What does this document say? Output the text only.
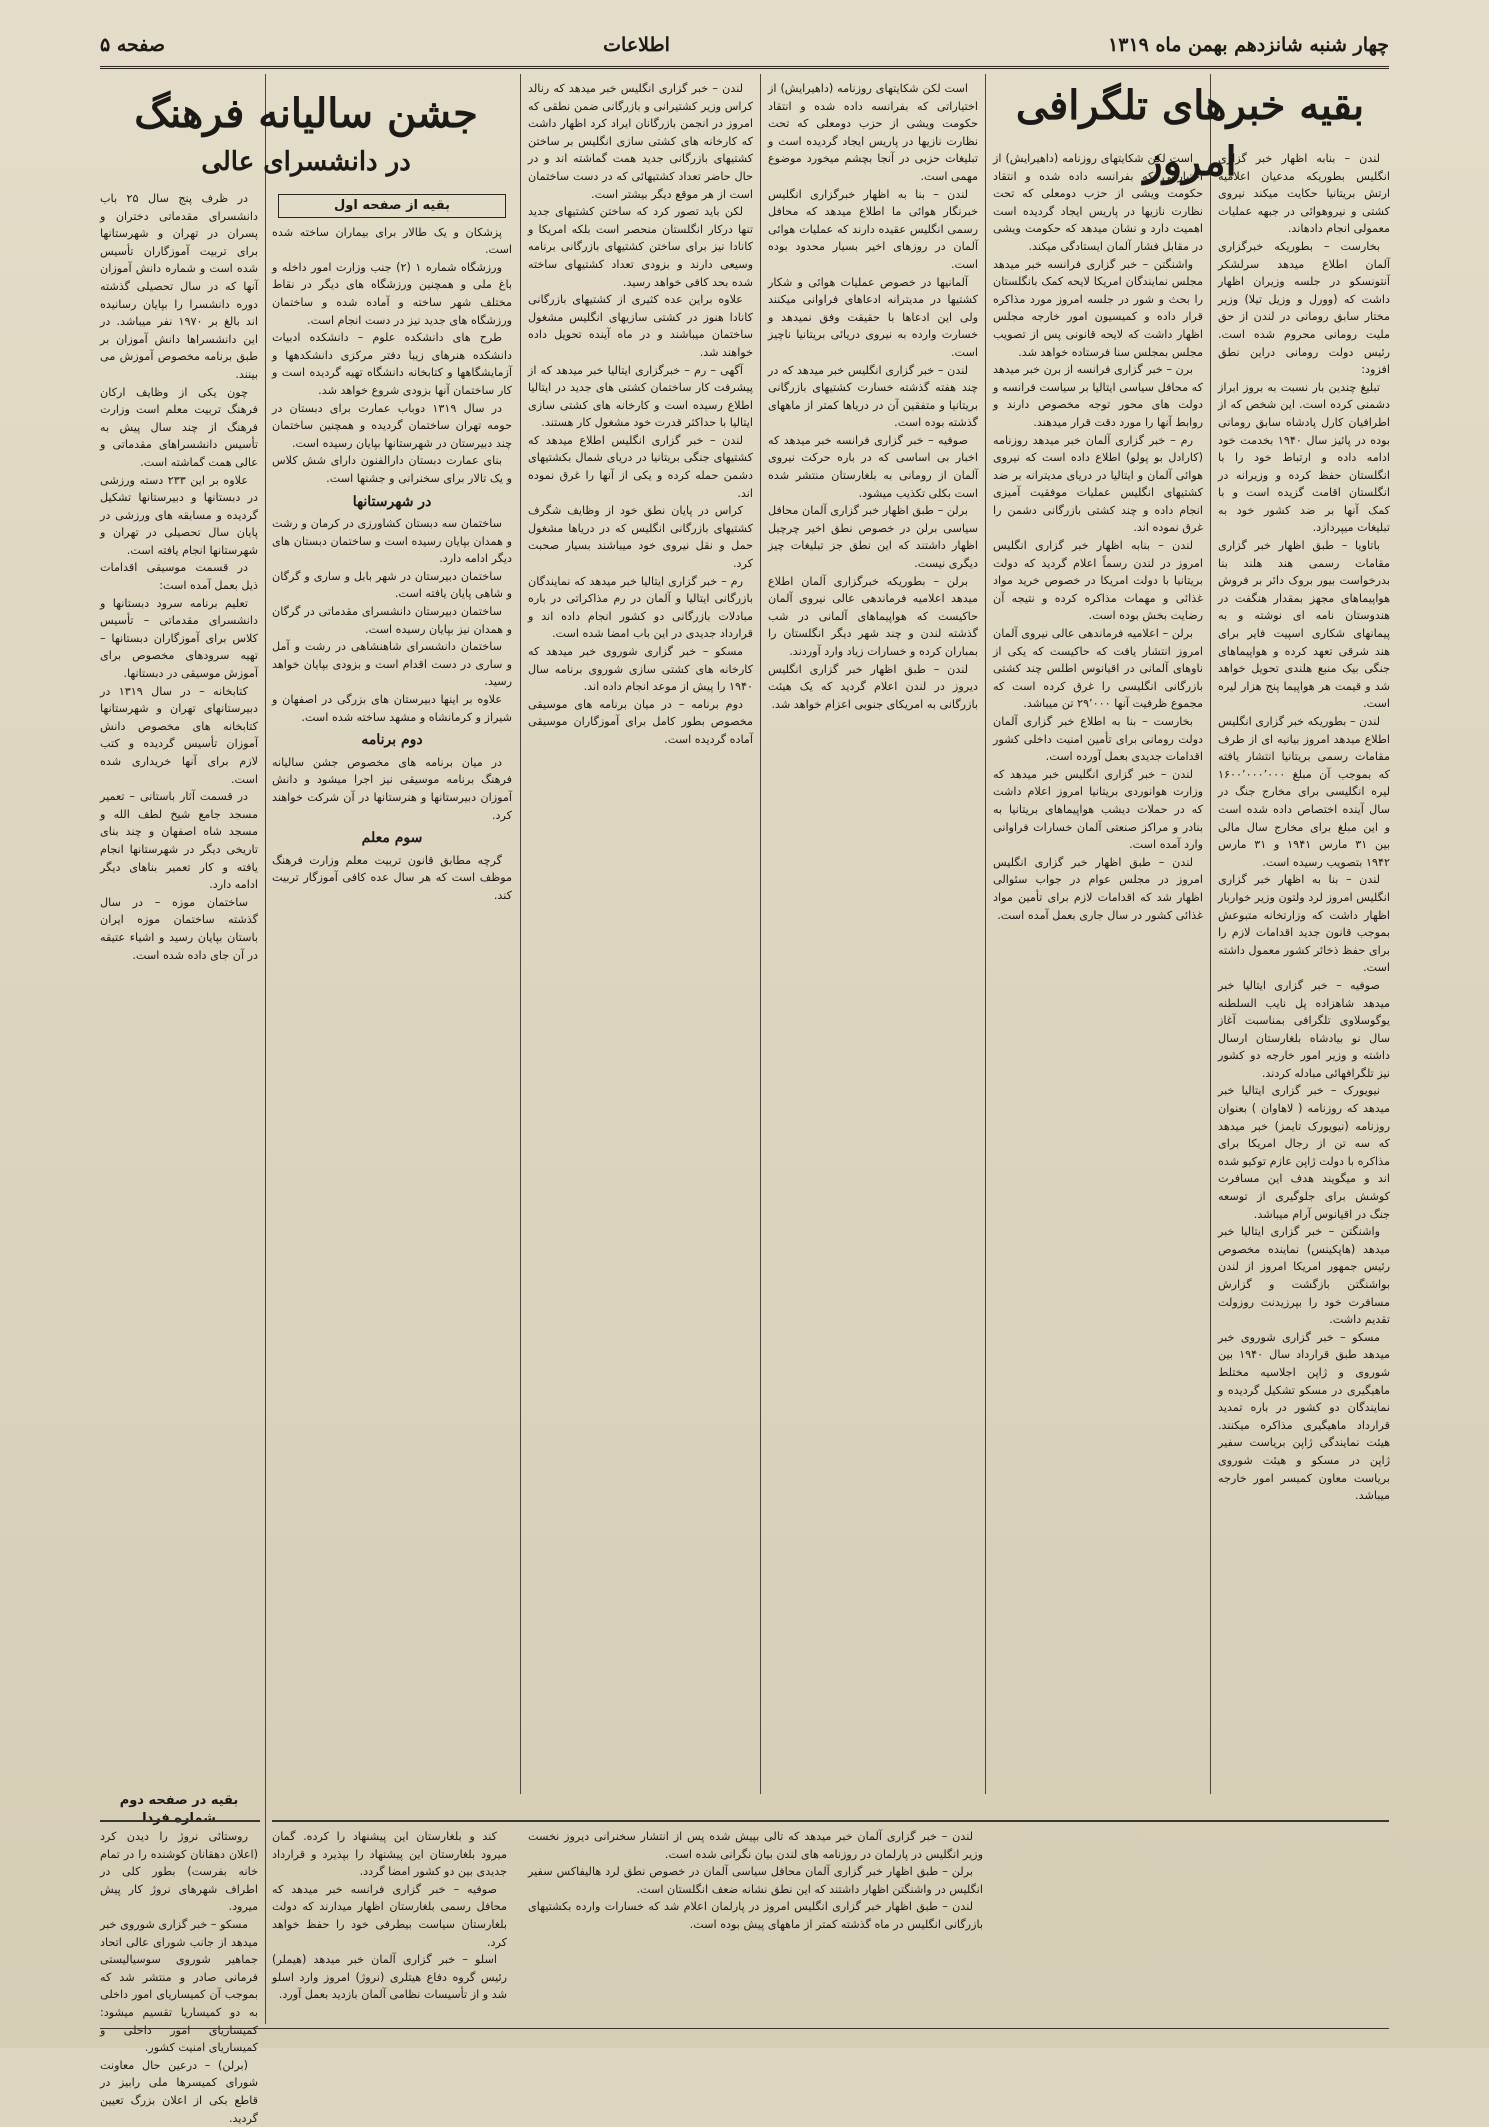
چهار شنبه شانزدهم بهمن ماه ۱۳۱۹
اطلاعات
صفحه ۵
بقیه خبرهای تلگرافی امروز

لندن – بنابه اظهار خبر گزاری انگلیس بطوریکه مدعیان اعلامیه ارتش بریتانیا حکایت میکند نیروی کشتی و نیروهوائی در جبهه عملیات معمولی انجام دادهاند.

بخارست – بطوریکه خبرگزاری آلمان اطلاع میدهد سرلشکر آنتونسکو در جلسه وزیران اظهار داشت که (وورل و وزیل تیلا) وزیر مختار سابق رومانی در لندن از حق ملیت رومانی محروم شده است. رئیس دولت رومانی دراین نطق افزود:

تبلیغ چندین بار نسبت به بروز ابراز دشمنی کرده است. این شخص که از اطرافیان کارل پادشاه سابق رومانی بوده در پائیز سال ۱۹۴۰ بخدمت خود ادامه داده و ارتباط خود را با انگلستان حفظ کرده و وزیرانه در انگلستان اقامت گزیده است و با کمک آنها بر ضد کشور خود به تبلیغات میپردازد.

باتاویا – طبق اظهار خبر گزاری مقامات رسمی هند هلند بنا بدرخواست بیور بروک دائر بر فروش هواپیماهای مجهز بمقدار هنگفت در هندوستان نامه ای نوشته و به پیمانهای شکاری اسپیت فایر برای هند شرقی تعهد کرده و هواپیماهای جنگی بیک منبع هلندی تحویل خواهد شد و قیمت هر هواپیما پنج هزار لیره است.

لندن – بطوریکه خبر گزاری انگلیس اطلاع میدهد امروز بیانیه ای از طرف مقامات رسمی بریتانیا انتشار یافته که بموجب آن مبلغ ۱۶۰۰٬۰۰۰٬۰۰۰ لیره انگلیسی برای مخارج جنگ در سال آینده اختصاص داده شده است و این مبلغ برای مخارج سال مالی بین ۳۱ مارس ۱۹۴۱ و ۳۱ مارس ۱۹۴۲ بتصویب رسیده است.

لندن – بنا به اظهار خبر گزاری انگلیس امروز لرد ولتون وزیر خواربار اظهار داشت که وزارتخانه متبوعش بموجب قانون جدید اقدامات لازم را برای حفظ ذخائر کشور معمول داشته است.

صوفیه – خبر گزاری ایتالیا خبر میدهد شاهزاده پل نایب السلطنه یوگوسلاوی تلگرافی بمناسبت آغاز سال نو بیادشاه بلغارستان ارسال داشته و وزیر امور خارجه دو کشور نیز تلگرافهائی مبادله کردند.

نیویورک – خبر گزاری ایتالیا خبر میدهد که روزنامه ( لاهاوان ) بعنوان روزنامه (نیویورک تایمز) خبر میدهد که سه تن از رجال امریکا برای مذاکره با دولت ژاپن عازم توکیو شده اند و میگویند هدف این مسافرت کوشش برای جلوگیری از توسعه جنگ در اقیانوس آرام میباشد.

واشنگتن – خبر گزاری ایتالیا خبر میدهد (هاپکینس) نماینده مخصوص رئیس جمهور امریکا امروز از لندن بواشنگتن بازگشت و گزارش مسافرت خود را بپرزیدنت روزولت تقدیم داشت.

مسکو – خبر گزاری شوروی خبر میدهد طبق قرارداد سال ۱۹۴۰ بین شوروی و ژاپن اجلاسیه مختلط ماهیگیری در مسکو تشکیل گردیده و نمایندگان دو کشور در باره تمدید قرارداد ماهیگیری مذاکره میکنند. هیئت نمایندگی ژاپن بریاست سفیر ژاپن در مسکو و هیئت شوروی بریاست معاون کمیسر امور خارجه میباشد.

است لکن شکایتهای روزنامه (داهیرایش) از اختیاراتی که بفرانسه داده شده و انتقاد حکومت ویشی از حزب دومعلی که تحت نظارت نازیها در پاریس ایجاد گردیده است اهمیت دارد و نشان میدهد که حکومت ویشی در مقابل فشار آلمان ایستادگی میکند.

واشنگتن – خبر گزاری فرانسه خبر میدهد مجلس نمایندگان امریکا لایحه کمک بانگلستان را بحث و شور در جلسه امروز مورد مذاکره قرار داده و کمیسیون امور خارجه مجلس اظهار داشت که لایحه قانونی پس از تصویب مجلس بمجلس سنا فرستاده خواهد شد.

برن – خبر گزاری فرانسه از برن خبر میدهد که محافل سیاسی ایتالیا بر سیاست فرانسه و دولت های محور توجه مخصوص دارند و روابط آنها را مورد دقت قرار میدهند.

رم – خبر گزاری آلمان خبر میدهد روزنامه (کارادل بو پولو) اطلاع داده است که نیروی هوائی آلمان و ایتالیا در دریای مدیترانه بر ضد کشتیهای انگلیس عملیات موفقیت آمیزی انجام داده و چند کشتی بازرگانی دشمن را غرق نموده اند.

لندن – بنابه اظهار خبر گزاری انگلیس امروز در لندن رسماً اعلام گردید که دولت بریتانیا با دولت امریکا در خصوص خرید مواد غذائی و مهمات مذاکره کرده و نتیجه آن رضایت بخش بوده است.

برلن – اعلامیه فرماندهی عالی نیروی آلمان امروز انتشار یافت که حاکیست که یکی از ناوهای آلمانی در اقیانوس اطلس چند کشتی بازرگانی انگلیسی را غرق کرده است که مجموع ظرفیت آنها ۲۹٬۰۰۰ تن میباشد.

بخارست – بنا به اطلاع خبر گزاری آلمان دولت رومانی برای تأمین امنیت داخلی کشور اقدامات جدیدی بعمل آورده است.

لندن – خبر گزاری انگلیس خبر میدهد که وزارت هوانوردی بریتانیا امروز اعلام داشت که در حملات دیشب هواپیماهای بریتانیا به بنادر و مراکز صنعتی آلمان خسارات فراوانی وارد آمده است.

لندن – طبق اظهار خبر گزاری انگلیس امروز در مجلس عوام در جواب سئوالی اظهار شد که اقدامات لازم برای تأمین مواد غذائی کشور در سال جاری بعمل آمده است.

است لکن شکایتهای روزنامه (داهیرایش) از اختیاراتی که بفرانسه داده شده و انتقاد حکومت ویشی از حزب دومعلی که تحت نظارت نازیها در پاریس ایجاد گردیده است و تبلیغات حزبی در آنجا بچشم میخورد موضوع مهمی است.

لندن – بنا به اظهار خبرگزاری انگلیس خبرنگار هوائی ما اطلاع میدهد که محافل رسمی انگلیس عقیده دارند که عملیات هوائی آلمان در روزهای اخیر بسیار محدود بوده است.

آلمانیها در خصوص عملیات هوائی و شکار کشتیها در مدیترانه ادعاهای فراوانی میکنند ولی این ادعاها با حقیقت وفق نمیدهد و خسارت وارده به نیروی دریائی بریتانیا ناچیز است.

لندن – خبر گزاری انگلیس خبر میدهد که در چند هفته گذشته خسارت کشتیهای بازرگانی بریتانیا و متفقین آن در دریاها کمتر از ماههای گذشته بوده است.

صوفیه – خبر گزاری فرانسه خبر میدهد که اخبار بی اساسی که در باره حرکت نیروی آلمان از رومانی به بلغارستان منتشر شده است بکلی تکذیب میشود.

برلن – طبق اظهار خبر گزاری آلمان محافل سیاسی برلن در خصوص نطق اخیر چرچیل اظهار داشتند که این نطق جز تبلیغات چیز دیگری نیست.

برلن – بطوریکه خبرگزاری آلمان اطلاع میدهد اعلامیه فرماندهی عالی نیروی آلمان حاکیست که هواپیماهای آلمانی در شب گذشته لندن و چند شهر دیگر انگلستان را بمباران کرده و خسارات زیاد وارد آوردند.

لندن – طبق اظهار خبر گزاری انگلیس دیروز در لندن اعلام گردید که یک هیئت بازرگانی به امریکای جنوبی اعزام خواهد شد.

لندن – خبر گزاری انگلیس خبر میدهد که رنالد کراس وزیر کشتیرانی و بازرگانی ضمن نطقی که امروز در انجمن بازرگانان ایراد کرد اظهار داشت که کارخانه های کشتی سازی انگلیس بر ساختن کشتیهای بازرگانی جدید همت گماشته اند و در حال حاضر تعداد کشتیهائی که در دست ساختمان است از هر موقع دیگر بیشتر است.

لکن باید تصور کرد که ساختن کشتیهای جدید تنها درکار انگلستان منحصر است بلکه امریکا و کانادا نیز برای ساختن کشتیهای بازرگانی برنامه وسیعی دارند و بزودی تعداد کشتیهای ساخته شده بحد کافی خواهد رسید.

علاوه براین عده کثیری از کشتیهای بازرگانی کانادا هنوز در کشتی سازیهای انگلیس مشغول ساختمان میباشند و در ماه آینده تحویل داده خواهند شد.

آگهی – رم – خبرگزاری ایتالیا خبر میدهد که از پیشرفت کار ساختمان کشتی های جدید در ایتالیا اطلاع رسیده است و کارخانه های کشتی سازی ایتالیا با حداکثر قدرت خود مشغول کار هستند.

لندن – خبر گزاری انگلیس اطلاع میدهد که کشتیهای جنگی بریتانیا در دریای شمال بکشتیهای دشمن حمله کرده و یکی از آنها را غرق نموده اند.

کراس در پایان نطق خود از وظایف شگرف کشتیهای بازرگانی انگلیس که در دریاها مشغول حمل و نقل نیروی خود میباشند بسیار صحبت کرد.

رم – خبر گزاری ایتالیا خبر میدهد که نمایندگان بازرگانی ایتالیا و آلمان در رم مذاکراتی در باره مبادلات بازرگانی دو کشور انجام داده اند و قرارداد جدیدی در این باب امضا شده است.

مسکو – خبر گزاری شوروی خبر میدهد که کارخانه های کشتی سازی شوروی برنامه سال ۱۹۴۰ را پیش از موعد انجام داده اند.

دوم برنامه – در میان برنامه های موسیقی مخصوص بطور کامل برای آموزگاران موسیقی آماده گردیده است.

جشن سالیانه فرهنگ
در دانشسرای عالی
بقیه از صفحه اول

پزشکان و یک طالار برای بیماران ساخته شده است.

ورزشگاه شماره ۱ (۲) جنب وزارت امور داخله و باغ ملی و همچنین ورزشگاه های دیگر در نقاط مختلف شهر ساخته و آماده شده و ساختمان ورزشگاه های جدید نیز در دست انجام است.

طرح های دانشکده علوم – دانشکده ادبیات دانشکده هنرهای زیبا دفتر مرکزی دانشکدهها و آزمایشگاهها و کتابخانه دانشگاه تهیه گردیده است و کار ساختمان آنها بزودی شروع خواهد شد.

در سال ۱۳۱۹ دوباب عمارت برای دبستان در حومه تهران ساختمان گردیده و همچنین ساختمان چند دبیرستان در شهرستانها بپایان رسیده است.

بنای عمارت دبستان دارالفنون دارای شش کلاس و یک تالار برای سخنرانی و جشنها است.

در شهرستانها

ساختمان سه دبستان کشاورزی در کرمان و رشت و همدان بپایان رسیده است و ساختمان دبستان های دیگر ادامه دارد.

ساختمان دبیرستان در شهر بابل و ساری و گرگان و شاهی پایان یافته است.

ساختمان دبیرستان دانشسرای مقدماتی در گرگان و همدان نیز بپایان رسیده است.

ساختمان دانشسرای شاهنشاهی در رشت و آمل و ساری در دست اقدام است و بزودی بپایان خواهد رسید.

علاوه بر اینها دبیرستان های بزرگی در اصفهان و شیراز و کرمانشاه و مشهد ساخته شده است.

دوم برنامه

در میان برنامه های مخصوص جشن سالیانه فرهنگ برنامه موسیقی نیز اجرا میشود و دانش آموزان دبیرستانها و هنرستانها در آن شرکت خواهند کرد.

سوم معلم

گرچه مطابق قانون تربیت معلم وزارت فرهنگ موظف است که هر سال عده کافی آموزگار تربیت کند.

در ظرف پنج سال ۲۵ باب دانشسرای مقدماتی دختران و پسران در تهران و شهرستانها برای تربیت آموزگاران تأسیس شده است و شماره دانش آموزان آنها که در سال تحصیلی گذشته دوره دانشسرا را بپایان رسانیده اند بالغ بر ۱۹۷۰ نفر میباشد. در این دانشسراها دانش آموزان بر طبق برنامه مخصوص آموزش می بینند.

چون یکی از وظایف ارکان فرهنگ تربیت معلم است وزارت فرهنگ از چند سال پیش به تأسیس دانشسراهای مقدماتی و عالی همت گماشته است.

علاوه بر این ۲۳۳ دسته ورزشی در دبستانها و دبیرستانها تشکیل گردیده و مسابقه های ورزشی در پایان سال تحصیلی در تهران و شهرستانها انجام یافته است.

در قسمت موسیقی اقدامات ذیل بعمل آمده است:

تعلیم برنامه سرود دبستانها و دانشسرای مقدماتی – تأسیس کلاس برای آموزگاران دبستانها – تهیه سرودهای مخصوص برای آموزش موسیقی در دبستانها.

کتابخانه – در سال ۱۳۱۹ در دبیرستانهای تهران و شهرستانها کتابخانه های مخصوص دانش آموزان تأسیس گردیده و کتب لازم برای آنها خریداری شده است.

در قسمت آثار باستانی – تعمیر مسجد جامع شیخ لطف الله و مسجد شاه اصفهان و چند بنای تاریخی دیگر در شهرستانها انجام یافته و کار تعمیر بناهای دیگر ادامه دارد.

ساختمان موزه – در سال گذشته ساختمان موزه ایران باستان بپایان رسید و اشیاء عتیقه در آن جای داده شده است.

بقیه در صفحه دوم شماره فردا

کند و بلغارستان این پیشنهاد را کرده. گمان میرود بلغارستان این پیشنهاد را بپذیرد و قرارداد جدیدی بین دو کشور امضا گردد.

صوفیه – خبر گزاری فرانسه خبر میدهد که محافل رسمی بلغارستان اظهار میدارند که دولت بلغارستان سیاست بیطرفی خود را حفظ خواهد کرد.

اسلو – خبر گزاری آلمان خبر میدهد (هیملر) رئیس گروه دفاع هیتلری (نروژ) امروز وارد اسلو شد و از تأسیسات نظامی آلمان بازدید بعمل آورد.

لندن – خبر گزاری آلمان خبر میدهد که تالی بپیش شده پس از انتشار سخنرانی دیروز نخست وزیر انگلیس در پارلمان در روزنامه های لندن بیان نگرانی شده است.

برلن – طبق اظهار خبر گزاری آلمان محافل سیاسی آلمان در خصوص نطق لرد هالیفاکس سفیر انگلیس در واشنگتن اظهار داشتند که این نطق نشانه ضعف انگلستان است.

لندن – طبق اظهار خبر گزاری انگلیس امروز در پارلمان اعلام شد که خسارات وارده بکشتیهای بازرگانی انگلیس در ماه گذشته کمتر از ماههای پیش بوده است.

روستائی نروژ را دیدن کرد (اعلان دهقانان کوشنده را در تمام خانه بفرست) بطور کلی در اطراف شهرهای نروژ کار پیش میرود.

مسکو – خبر گزاری شوروی خبر میدهد از جانب شورای عالی اتحاد جماهیر شوروی سوسیالیستی فرمانی صادر و منتشر شد که بموجب آن کمیساریای امور داخلی به دو کمیساریا تقسیم میشود: کمیساریای امور داخلی و کمیساریای امنیت کشور.

(برلن) – درعین حال معاونت شورای کمیسرها ملی رابیز در قاطع بکی از اعلان بزرگ تعیین گردید.
